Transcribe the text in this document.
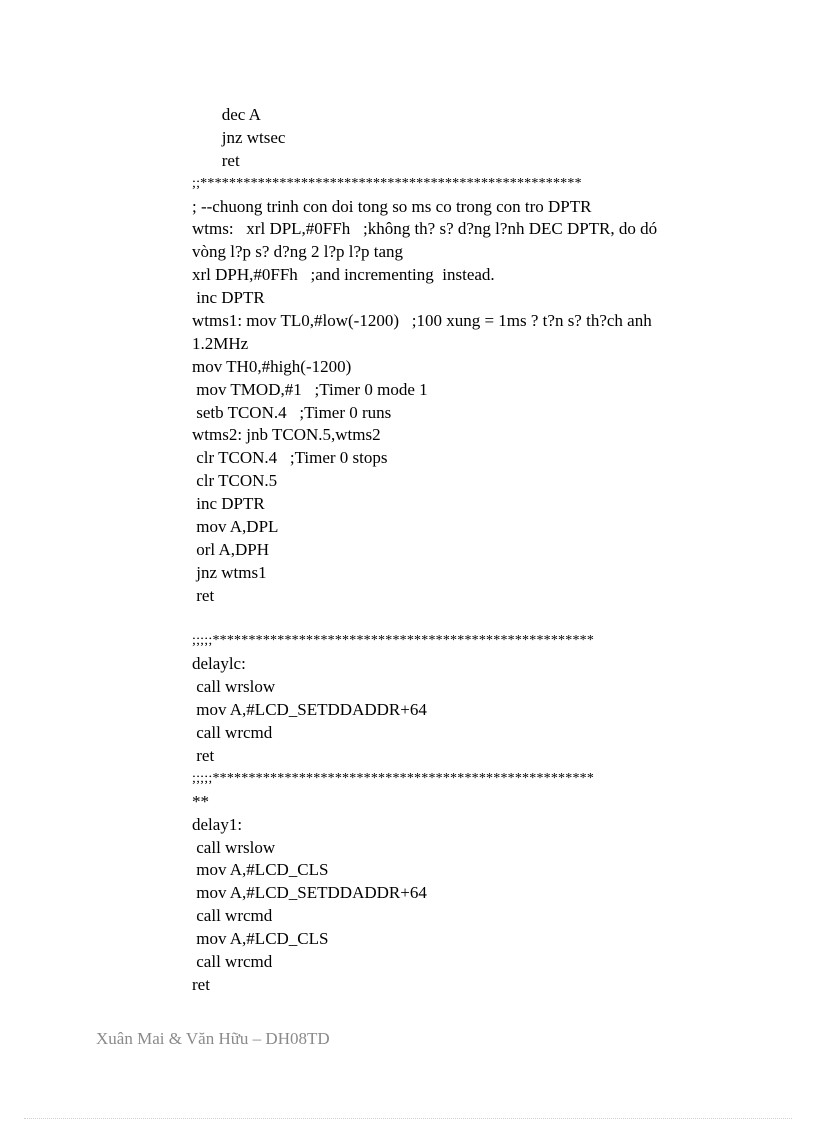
dec A
jnz wtsec
ret
;;*****************************************************
; --chuong trinh con doi tong so ms co trong con tro DPTR
wtms:   xrl DPL,#0FFh   ;không th? s? d?ng l?nh DEC DPTR, do dó
vòng l?p s? d?ng 2 l?p l?p tang
xrl DPH,#0FFh   ;and incrementing  instead.
inc DPTR
wtms1: mov TL0,#low(-1200)   ;100 xung = 1ms ? t?n s? th?ch anh
1.2MHz
mov TH0,#high(-1200)
mov TMOD,#1   ;Timer 0 mode 1
setb TCON.4   ;Timer 0 runs
wtms2: jnb TCON.5,wtms2
clr TCON.4   ;Timer 0 stops
clr TCON.5
inc DPTR
mov A,DPL
orl A,DPH
jnz wtms1
ret
;;;;;*****************************************************
delaylc:
call wrslow
mov A,#LCD_SETDDADDR+64
call wrcmd
ret
;;;;;*****************************************************
**
delay1:
call wrslow
mov A,#LCD_CLS
mov A,#LCD_SETDDADDR+64
call wrcmd
mov A,#LCD_CLS
call wrcmd
ret
Xuân Mai & Văn Hữu – DH08TD
